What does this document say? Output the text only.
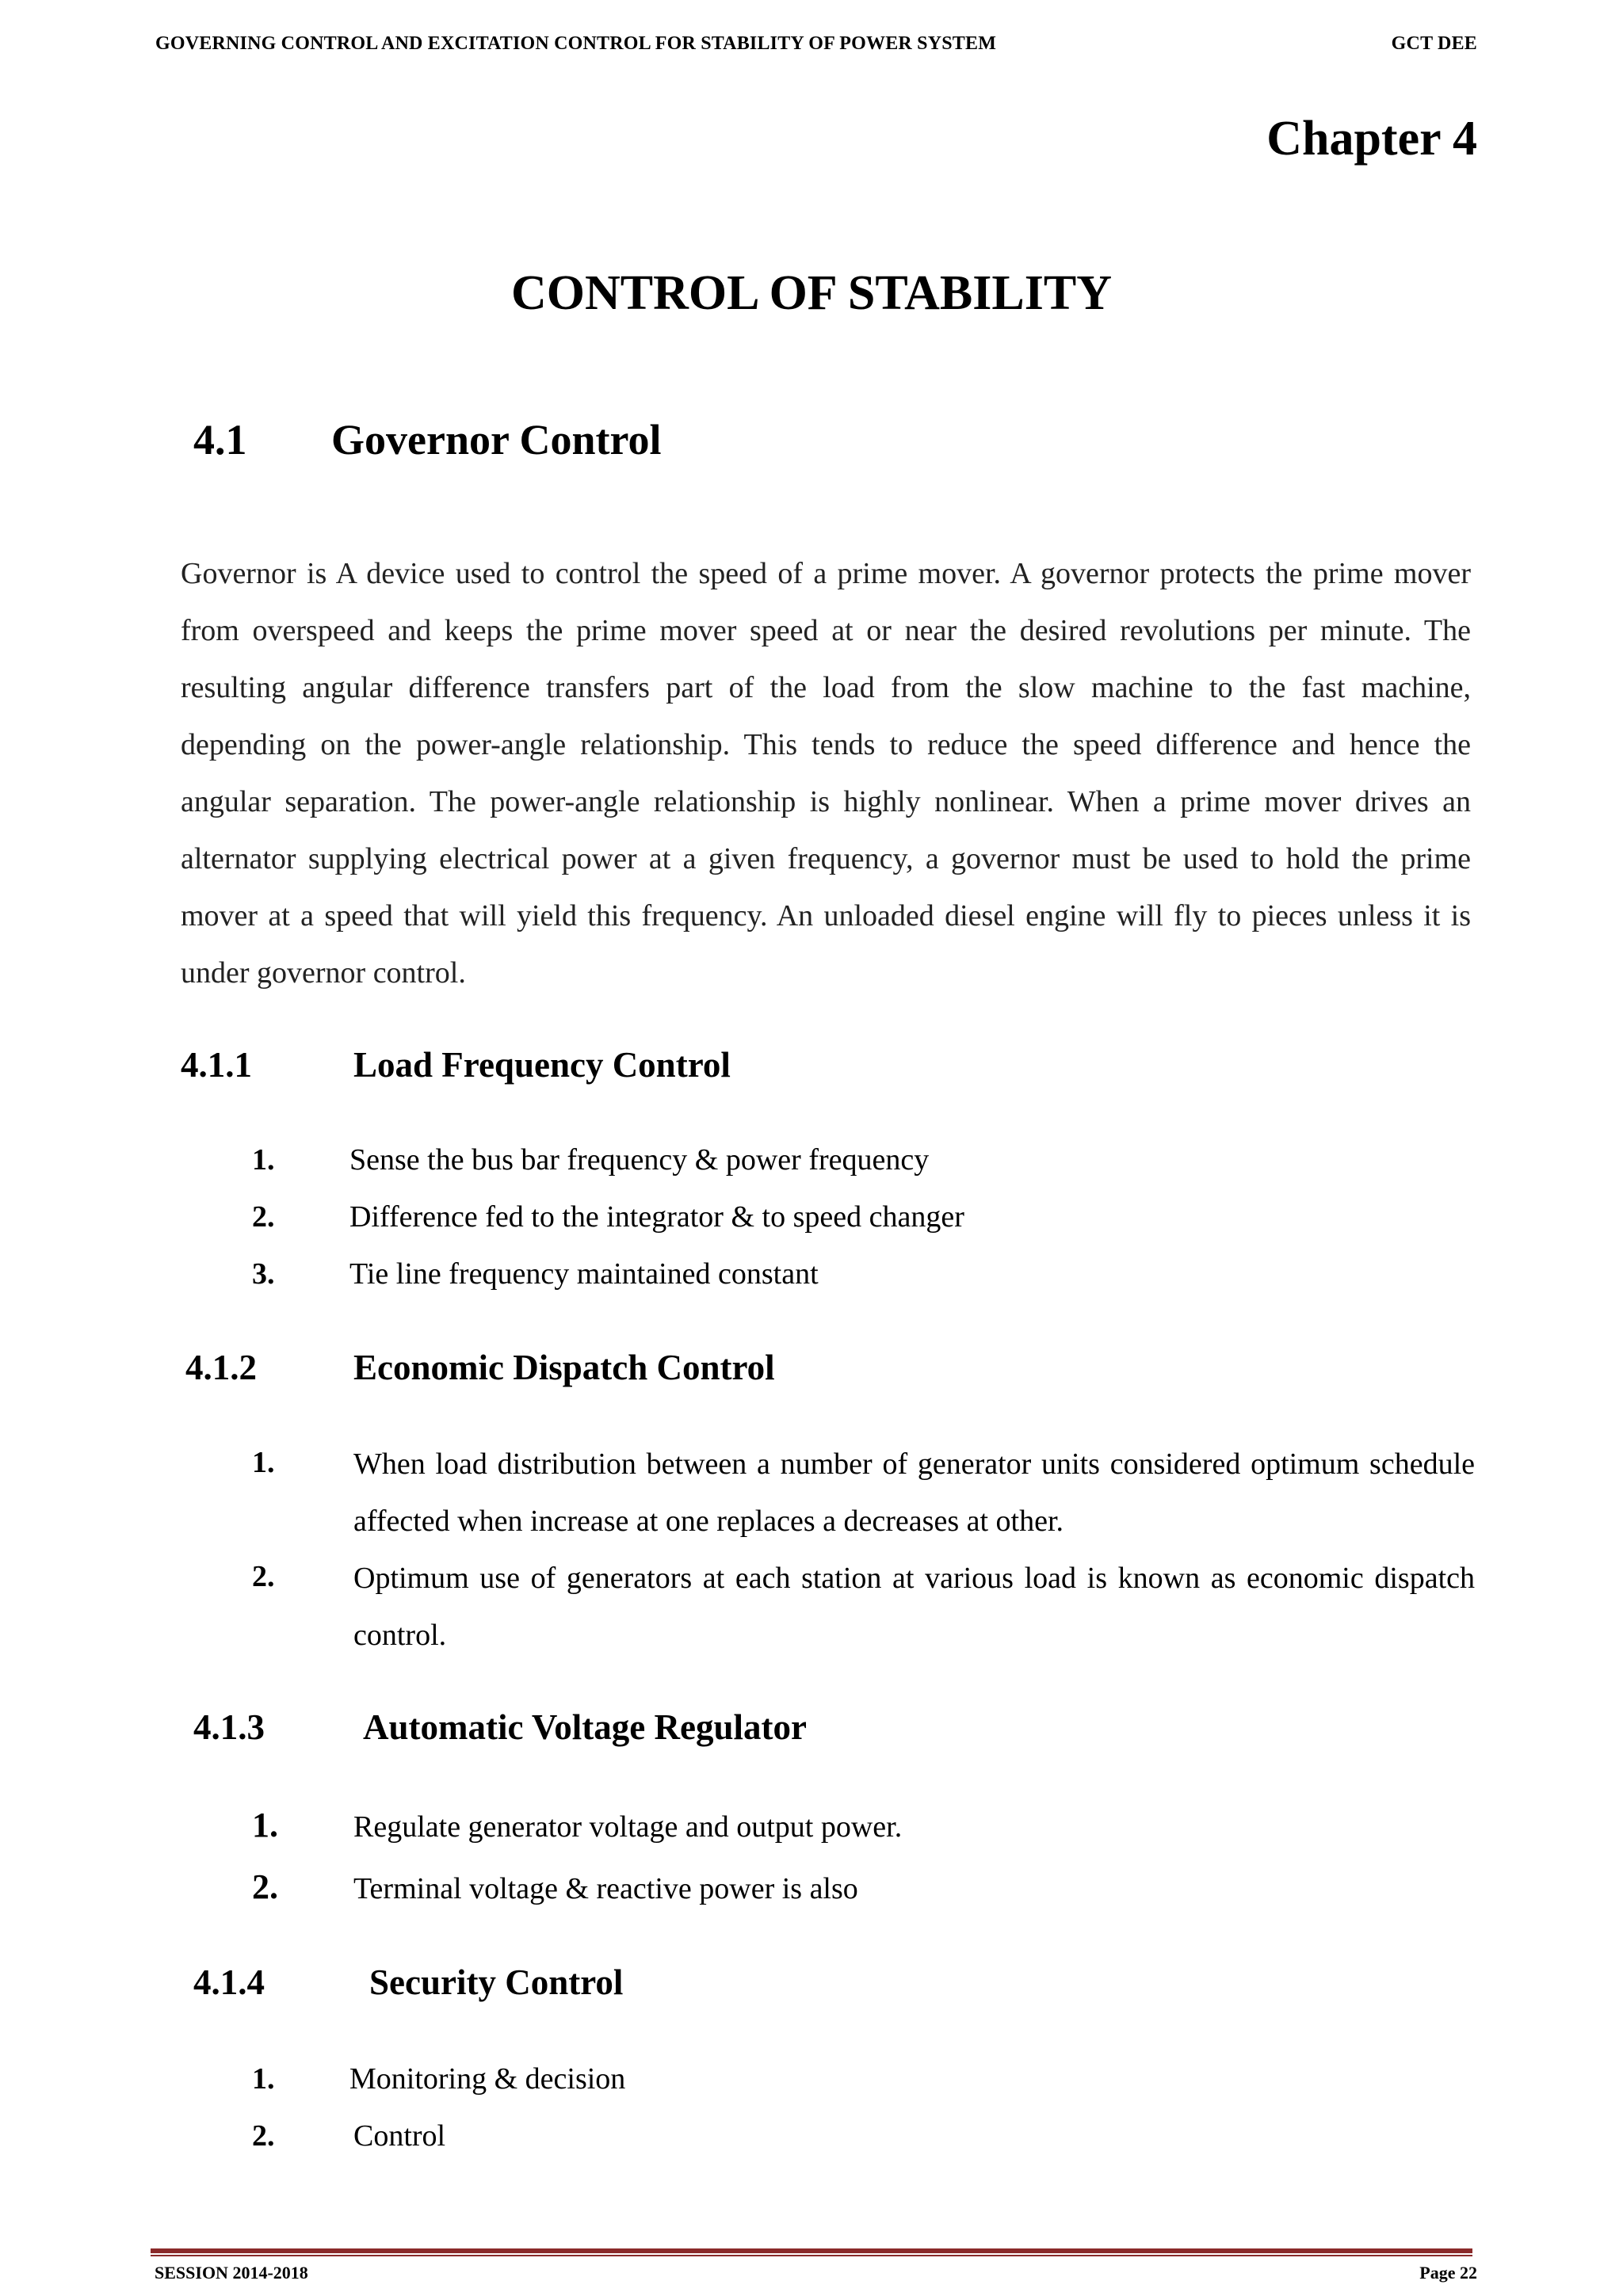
GOVERNING CONTROL AND EXCITATION CONTROL FOR STABILITY OF POWER SYSTEM	GCT DEE
Chapter 4
CONTROL OF STABILITY
4.1 Governor Control

Governor is A device used to control the speed of a prime mover. A governor protects the prime mover from overspeed and keeps the prime mover speed at or near the desired revolutions per minute. The resulting angular difference transfers part of the load from the slow machine to the fast machine, depending on the power-angle relationship. This tends to reduce the speed difference and hence the angular separation. The power-angle relationship is highly nonlinear. When a prime mover drives an alternator supplying electrical power at a given frequency, a governor must be used to hold the prime mover at a speed that will yield this frequency. An unloaded diesel engine will fly to pieces unless it is under governor control.

4.1.1	Load Frequency Control
1. Sense the bus bar frequency & power frequency
2. Difference fed to the integrator & to speed changer
3. Tie line frequency maintained constant
4.1.2	Economic Dispatch Control
1.	When load distribution between a number of generator units considered optimum schedule affected when increase at one replaces a decreases at other.
2.	Optimum use of generators at each station at various load is known as economic dispatch control.
4.1.3	Automatic Voltage Regulator
1.	Regulate generator voltage and output power.
2.	Terminal voltage & reactive power is also
4.1.4	Security Control
1. Monitoring & decision
2.	Control
SESSION 2014-2018	Page 22
